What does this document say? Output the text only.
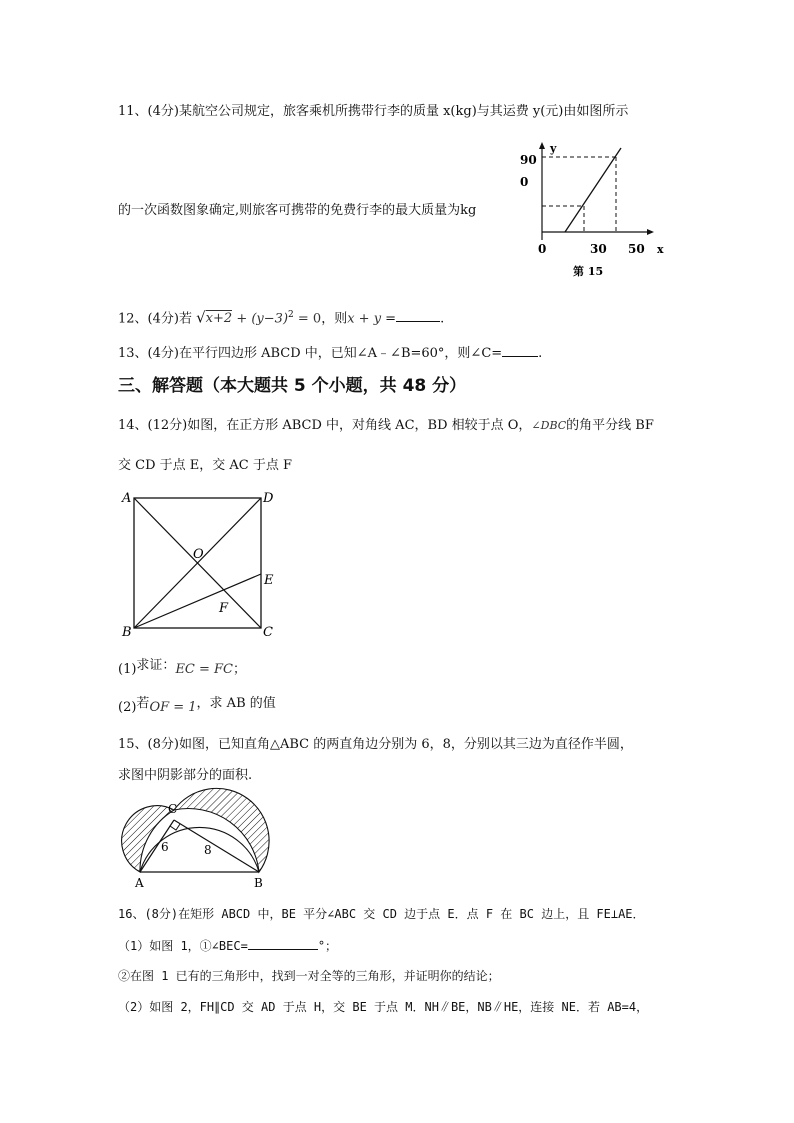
11、(4分)某航空公司规定，旅客乘机所携带行李的质量 x(kg)与其运费 y(元)由如图所示
y
90
0
0	30 50 x
第 15
的一次函数图象确定,则旅客可携带的免费行李的最大质量为kg
12、(4分)若 $√x+2 + (y-3)^2 = 0$，则x + y =	.
13、(4分)在平行四边形 ABCD 中，已知∠A﹣∠B=60°，则∠C=	.
三、解答题（本大题共 5 个小题，共 48 分）
14、(12分)如图，在正方形 ABCD 中，对角线 AC，BD 相较于点 O，∠DBC的角平分线 BF
交 CD 于点 E，交 AC 于点 F
A	D
O
E
F
B	C
(1)求证：EC = FC；
(2)若OF = 1，求 AB 的值
15、(8分)如图，已知直角△ABC 的两直角边分别为 6，8，分别以其三边为直径作半圆，
求图中阴影部分的面积.
C
6	8
A	B
16、(8分)在矩形 ABCD 中，BE 平分∠ABC 交 CD 边于点 E．点 F 在 BC 边上，且 FE⊥AE．
（1）如图 1，①∠BEC=	°；
②在图 1 已有的三角形中，找到一对全等的三角形，并证明你的结论；
（2）如图 2，FH∥CD 交 AD 于点 H，交 BE 于点 M．NH∥BE，NB∥HE，连接 NE．若 AB=4，
